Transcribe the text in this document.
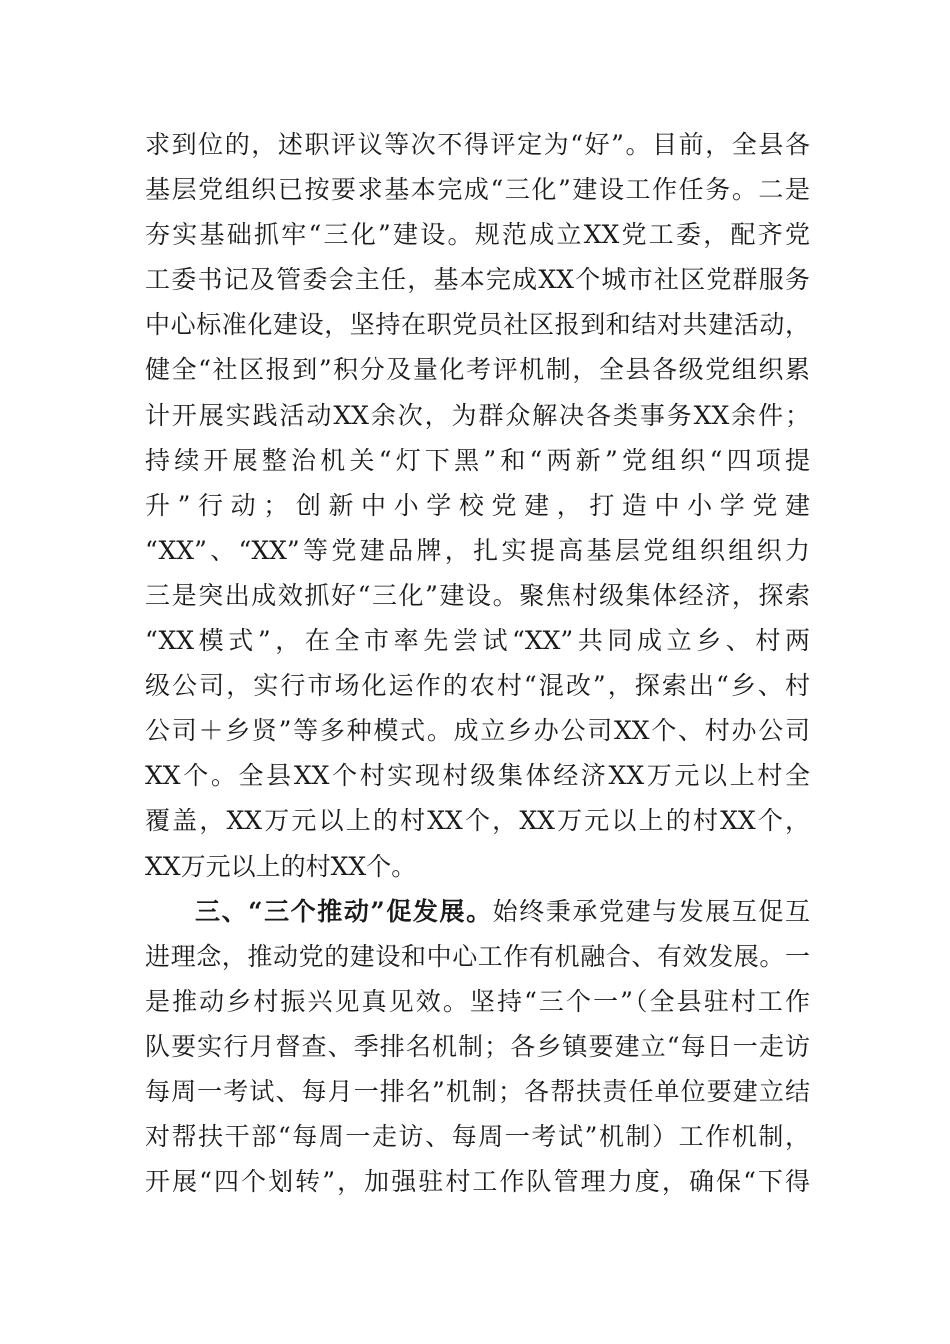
求到位的，述职评议等次不得评定为“好”。目前，全县各
基层党组织已按要求基本完成“三化”建设工作任务。二是
夯实基础抓牢“三化”建设。规范成立XX党工委，配齐党
工委书记及管委会主任，基本完成XX个城市社区党群服务
中心标准化建设，坚持在职党员社区报到和结对共建活动，
健全“社区报到”积分及量化考评机制，全县各级党组织累
计开展实践活动XX余次，为群众解决各类事务XX余件；
持续开展整治机关“灯下黑”和“两新”党组织“四项提
升”行动；创新中小学校党建，打造中小学党建
“XX”、“XX”等党建品牌，扎实提高基层党组织组织力
三是突出成效抓好“三化”建设。聚焦村级集体经济，探索
“XX模式”，在全市率先尝试“XX”共同成立乡、村两
级公司，实行市场化运作的农村“混改”，探索出“乡、村
公司＋乡贤”等多种模式。成立乡办公司XX个、村办公司
XX个。全县XX个村实现村级集体经济XX万元以上村全
覆盖，XX万元以上的村XX个，XX万元以上的村XX个，
XX万元以上的村XX个。
三、“三个推动”促发展。始终秉承党建与发展互促互
进理念，推动党的建设和中心工作有机融合、有效发展。一
是推动乡村振兴见真见效。坚持“三个一”（全县驻村工作
队要实行月督查、季排名机制；各乡镇要建立“每日一走访
每周一考试、每月一排名”机制；各帮扶责任单位要建立结
对帮扶干部“每周一走访、每周一考试”机制）工作机制，
开展“四个划转”，加强驻村工作队管理力度，确保“下得
